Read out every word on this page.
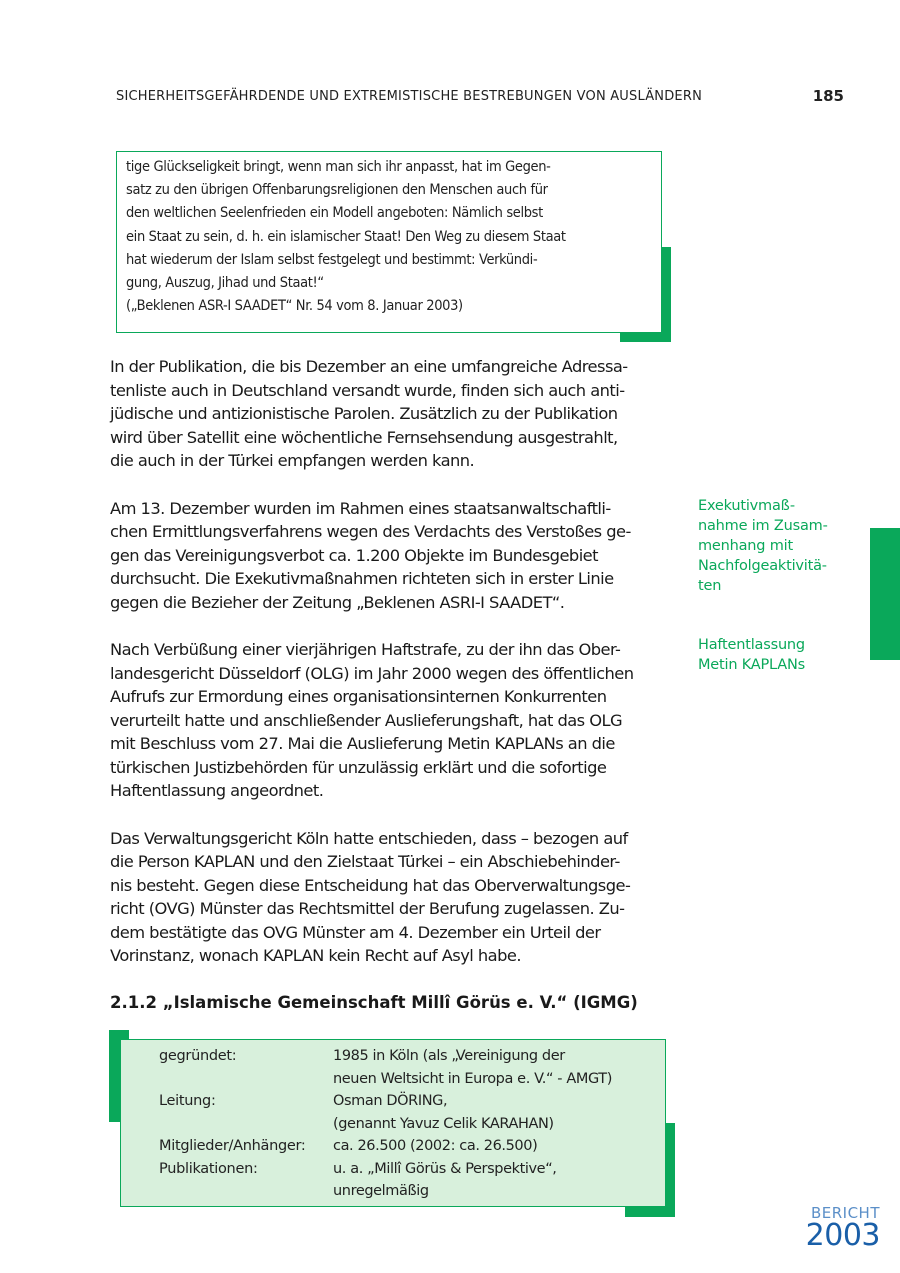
SICHERHEITSGEFÄHRDENDE UND EXTREMISTISCHE BESTREBUNGEN VON AUSLÄNDERN	185
tige Glückseligkeit bringt, wenn man sich ihr anpasst, hat im Gegen-
satz zu den übrigen Offenbarungsreligionen den Menschen auch für
den weltlichen Seelenfrieden ein Modell angeboten: Nämlich selbst
ein Staat zu sein, d. h. ein islamischer Staat! Den Weg zu diesem Staat
hat wiederum der Islam selbst festgelegt und bestimmt: Verkündi-
gung, Auszug, Jihad und Staat!“
(„Beklenen ASR-I SAADET“ Nr. 54 vom 8. Januar 2003)
In der Publikation, die bis Dezember an eine umfangreiche Adressa-
tenliste auch in Deutschland versandt wurde, finden sich auch anti-
jüdische und antizionistische Parolen. Zusätzlich zu der Publikation
wird über Satellit eine wöchentliche Fernsehsendung ausgestrahlt,
die auch in der Türkei empfangen werden kann.
Am 13. Dezember wurden im Rahmen eines staatsanwaltschaftli-
chen Ermittlungsverfahrens wegen des Verdachts des Verstoßes ge-
gen das Vereinigungsverbot ca. 1.200 Objekte im Bundesgebiet
durchsucht. Die Exekutivmaßnahmen richteten sich in erster Linie
gegen die Bezieher der Zeitung „Beklenen ASRI-I SAADET“.
Nach Verbüßung einer vierjährigen Haftstrafe, zu der ihn das Ober-
landesgericht Düsseldorf (OLG) im Jahr 2000 wegen des öffentlichen
Aufrufs zur Ermordung eines organisationsinternen Konkurrenten
verurteilt hatte und anschließender Auslieferungshaft, hat das OLG
mit Beschluss vom 27. Mai die Auslieferung Metin KAPLANs an die
türkischen Justizbehörden für unzulässig erklärt und die sofortige
Haftentlassung angeordnet.
Das Verwaltungsgericht Köln hatte entschieden, dass – bezogen auf
die Person KAPLAN und den Zielstaat Türkei – ein Abschiebehinder-
nis besteht. Gegen diese Entscheidung hat das Oberverwaltungsge-
richt (OVG) Münster das Rechtsmittel der Berufung zugelassen. Zu-
dem bestätigte das OVG Münster am 4. Dezember ein Urteil der
Vorinstanz, wonach KAPLAN kein Recht auf Asyl habe.
2.1.2 „Islamische Gemeinschaft Millî Görüs e. V.“ (IGMG)
Exekutivmaß-
nahme im Zusam-
menhang mit
Nachfolgeaktivitä-
ten
Haftentlassung
Metin KAPLANs
gegründet:	1985 in Köln (als „Vereinigung der
neuen Weltsicht in Europa e. V.“ - AMGT)
Leitung:	Osman DÖRING,
(genannt Yavuz Celik KARAHAN)
Mitglieder/Anhänger:	ca. 26.500 (2002: ca. 26.500)
Publikationen:	u. a. „Millî Görüs & Perspektive“,
unregelmäßig
BERICHT
2003
